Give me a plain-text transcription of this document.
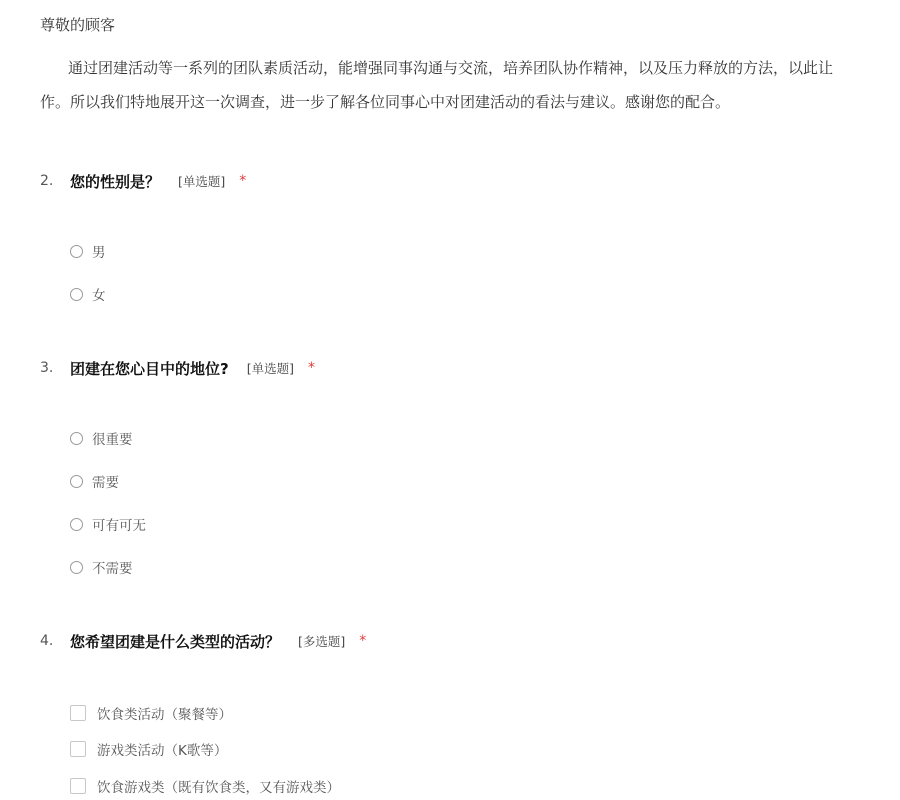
尊敬的顾客
通过团建活动等一系列的团队素质活动，能增强同事沟通与交流，培养团队协作精神，以及压力释放的方法，以此让
作。所以我们特地展开这一次调查，进一步了解各位同事心中对团建活动的看法与建议。感谢您的配合。
2.	您的性别是？ [单选题] *
男
女
3.	团建在您心目中的地位? [单选题] *
很重要
需要
可有可无
不需要
4.	您希望团建是什么类型的活动？ [多选题] *
饮食类活动（聚餐等）
游戏类活动（K歌等）
饮食游戏类（既有饮食类，又有游戏类）
